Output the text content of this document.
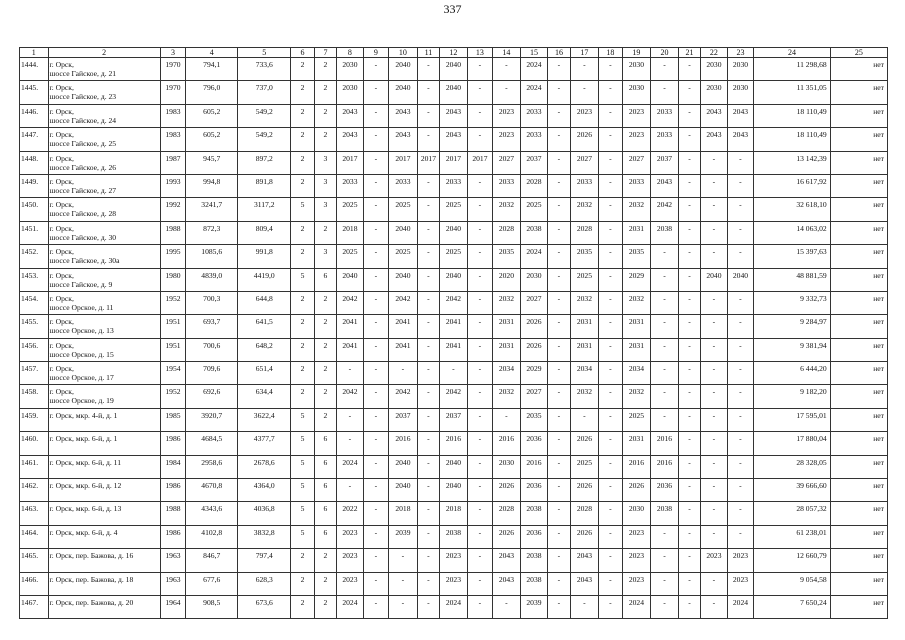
337
1	2	3	4	5	6	7	8	9	10	11	12	13	14	15	16	17	18	19	20	21	22	23	24	25
1444.	г. Орск,
шоссе Гайское, д. 21	1970	794,1	733,6	2	2	2030	-	2040	-	2040	-	-	2024	-	-	-	2030	-	-	2030	2030	11 298,68	нет
1445.	г. Орск,
шоссе Гайское, д. 23	1970	796,0	737,0	2	2	2030	-	2040	-	2040	-	-	2024	-	-	-	2030	-	-	2030	2030	11 351,05	нет
1446.	г. Орск,
шоссе Гайское, д. 24	1983	605,2	549,2	2	2	2043	-	2043	-	2043	-	2023	2033	-	2023	-	2023	2033	-	2043	2043	18 110,49	нет
1447.	г. Орск,
шоссе Гайское, д. 25	1983	605,2	549,2	2	2	2043	-	2043	-	2043	-	2023	2033	-	2026	-	2023	2033	-	2043	2043	18 110,49	нет
1448.	г. Орск,
шоссе Гайское, д. 26	1987	945,7	897,2	2	3	2017	-	2017	2017	2017	2017	2027	2037	-	2027	-	2027	2037	-	-	-	13 142,39	нет
1449.	г. Орск,
шоссе Гайское, д. 27	1993	994,8	891,8	2	3	2033	-	2033	-	2033	-	2033	2028	-	2033	-	2033	2043	-	-	-	16 617,92	нет
1450.	г. Орск,
шоссе Гайское, д. 28	1992	3241,7	3117,2	5	3	2025	-	2025	-	2025	-	2032	2025	-	2032	-	2032	2042	-	-	-	32 618,10	нет
1451.	г. Орск,
шоссе Гайское, д. 30	1988	872,3	809,4	2	2	2018	-	2040	-	2040	-	2028	2038	-	2028	-	2031	2038	-	-	-	14 063,02	нет
1452.	г. Орск,
шоссе Гайское, д. 30а	1995	1085,6	991,8	2	3	2025	-	2025	-	2025	-	2035	2024	-	2035	-	2035	-	-	-	-	15 397,63	нет
1453.	г. Орск,
шоссе Гайское, д. 9	1980	4839,0	4419,0	5	6	2040	-	2040	-	2040	-	2020	2030	-	2025	-	2029	-	-	2040	2040	48 881,59	нет
1454.	г. Орск,
шоссе Орское, д. 11	1952	700,3	644,8	2	2	2042	-	2042	-	2042	-	2032	2027	-	2032	-	2032	-	-	-	-	9 332,73	нет
1455.	г. Орск,
шоссе Орское, д. 13	1951	693,7	641,5	2	2	2041	-	2041	-	2041	-	2031	2026	-	2031	-	2031	-	-	-	-	9 284,97	нет
1456.	г. Орск,
шоссе Орское, д. 15	1951	700,6	648,2	2	2	2041	-	2041	-	2041	-	2031	2026	-	2031	-	2031	-	-	-	-	9 381,94	нет
1457.	г. Орск,
шоссе Орское, д. 17	1954	709,6	651,4	2	2	-	-	-	-	-	-	2034	2029	-	2034	-	2034	-	-	-	-	6 444,20	нет
1458.	г. Орск,
шоссе Орское, д. 19	1952	692,6	634,4	2	2	2042	-	2042	-	2042	-	2032	2027	-	2032	-	2032	-	-	-	-	9 182,20	нет
1459.	г. Орск, мкр. 4-й, д. 1	1985	3920,7	3622,4	5	2	-	-	2037	-	2037	-	-	2035	-	-	-	2025	-	-	-	-	17 595,01	нет
1460.	г. Орск, мкр. 6-й, д. 1	1986	4684,5	4377,7	5	6	-	-	2016	-	2016	-	2016	2036	-	2026	-	2031	2016	-	-	-	17 880,04	нет
1461.	г. Орск, мкр. 6-й, д. 11	1984	2958,6	2678,6	5	6	2024	-	2040	-	2040	-	2030	2016	-	2025	-	2016	2016	-	-	-	28 328,05	нет
1462.	г. Орск, мкр. 6-й, д. 12	1986	4670,8	4364,0	5	6	-	-	2040	-	2040	-	2026	2036	-	2026	-	2026	2036	-	-	-	39 666,60	нет
1463.	г. Орск, мкр. 6-й, д. 13	1988	4343,6	4036,8	5	6	2022	-	2018	-	2018	-	2028	2038	-	2028	-	2030	2038	-	-	-	28 057,32	нет
1464.	г. Орск, мкр. 6-й, д. 4	1986	4102,8	3832,8	5	6	2023	-	2039	-	2038	-	2026	2036	-	2026	-	2023	-	-	-	-	61 238,01	нет
1465.	г. Орск, пер. Бажова, д. 16	1963	846,7	797,4	2	2	2023	-	-	-	2023	-	2043	2038	-	2043	-	2023	-	-	2023	2023	12 660,79	нет
1466.	г. Орск, пер. Бажова, д. 18	1963	677,6	628,3	2	2	2023	-	-	-	2023	-	2043	2038	-	2043	-	2023	-	-	-	2023	9 054,58	нет
1467.	г. Орск, пер. Бажова, д. 20	1964	908,5	673,6	2	2	2024	-	-	-	2024	-	-	2039	-	-	-	2024	-	-	-	2024	7 650,24	нет
